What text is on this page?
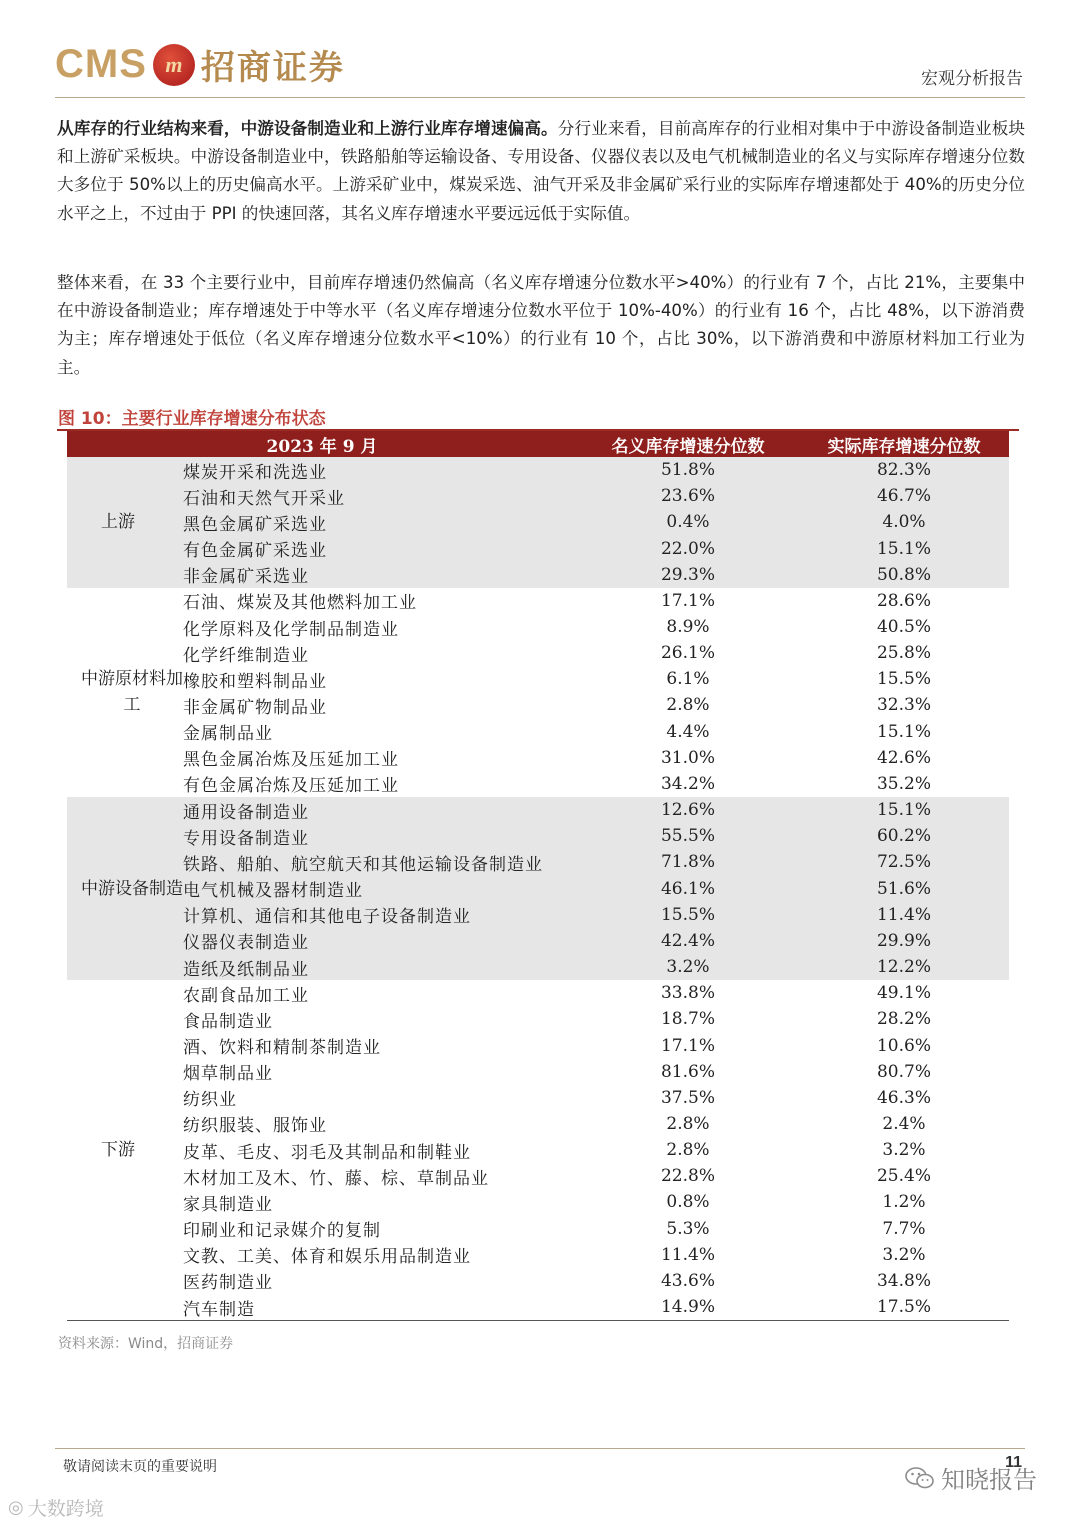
CMS m 招商证券	宏观分析报告

从库存的行业结构来看，中游设备制造业和上游行业库存增速偏高。分行业来看，目前高库存的行业相对集中于中游设备制造业板块和上游矿采板块。中游设备制造业中，铁路船舶等运输设备、专用设备、仪器仪表以及电气机械制造业的名义与实际库存增速分位数大多位于 50%以上的历史偏高水平。上游采矿业中，煤炭采选、油气开采及非金属矿采行业的实际库存增速都处于 40%的历史分位水平之上，不过由于 PPI 的快速回落，其名义库存增速水平要远远低于实际值。

整体来看，在 33 个主要行业中，目前库存增速仍然偏高（名义库存增速分位数水平>40%）的行业有 7 个，占比 21%，主要集中在中游设备制造业；库存增速处于中等水平（名义库存增速分位数水平位于 10%-40%）的行业有 16 个，占比 48%，以下游消费为主；库存增速处于低位（名义库存增速分位数水平<10%）的行业有 10 个，占比 30%，以下游消费和中游原材料加工行业为主。

图 10：主要行业库存增速分布状态
2023 年 9 月	名义库存增速分位数	实际库存增速分位数
上游
煤炭开采和洗选业	51.8%	82.3%
石油和天然气开采业	23.6%	46.7%
黑色金属矿采选业	0.4%	4.0%
有色金属矿采选业	22.0%	15.1%
非金属矿采选业	29.3%	50.8%
中游原材料加工
石油、煤炭及其他燃料加工业	17.1%	28.6%
化学原料及化学制品制造业	8.9%	40.5%
化学纤维制造业	26.1%	25.8%
橡胶和塑料制品业	6.1%	15.5%
非金属矿物制品业	2.8%	32.3%
金属制品业	4.4%	15.1%
黑色金属冶炼及压延加工业	31.0%	42.6%
有色金属冶炼及压延加工业	34.2%	35.2%
中游设备制造
通用设备制造业	12.6%	15.1%
专用设备制造业	55.5%	60.2%
铁路、船舶、航空航天和其他运输设备制造业	71.8%	72.5%
电气机械及器材制造业	46.1%	51.6%
计算机、通信和其他电子设备制造业	15.5%	11.4%
仪器仪表制造业	42.4%	29.9%
造纸及纸制品业	3.2%	12.2%
下游
农副食品加工业	33.8%	49.1%
食品制造业	18.7%	28.2%
酒、饮料和精制茶制造业	17.1%	10.6%
烟草制品业	81.6%	80.7%
纺织业	37.5%	46.3%
纺织服装、服饰业	2.8%	2.4%
皮革、毛皮、羽毛及其制品和制鞋业	2.8%	3.2%
木材加工及木、竹、藤、棕、草制品业	22.8%	25.4%
家具制造业	0.8%	1.2%
印刷业和记录媒介的复制	5.3%	7.7%
文教、工美、体育和娱乐用品制造业	11.4%	3.2%
医药制造业	43.6%	34.8%
汽车制造	14.9%	17.5%
资料来源：Wind，招商证券
敬请阅读末页的重要说明	11
知晓报告
◎ 大数跨境
